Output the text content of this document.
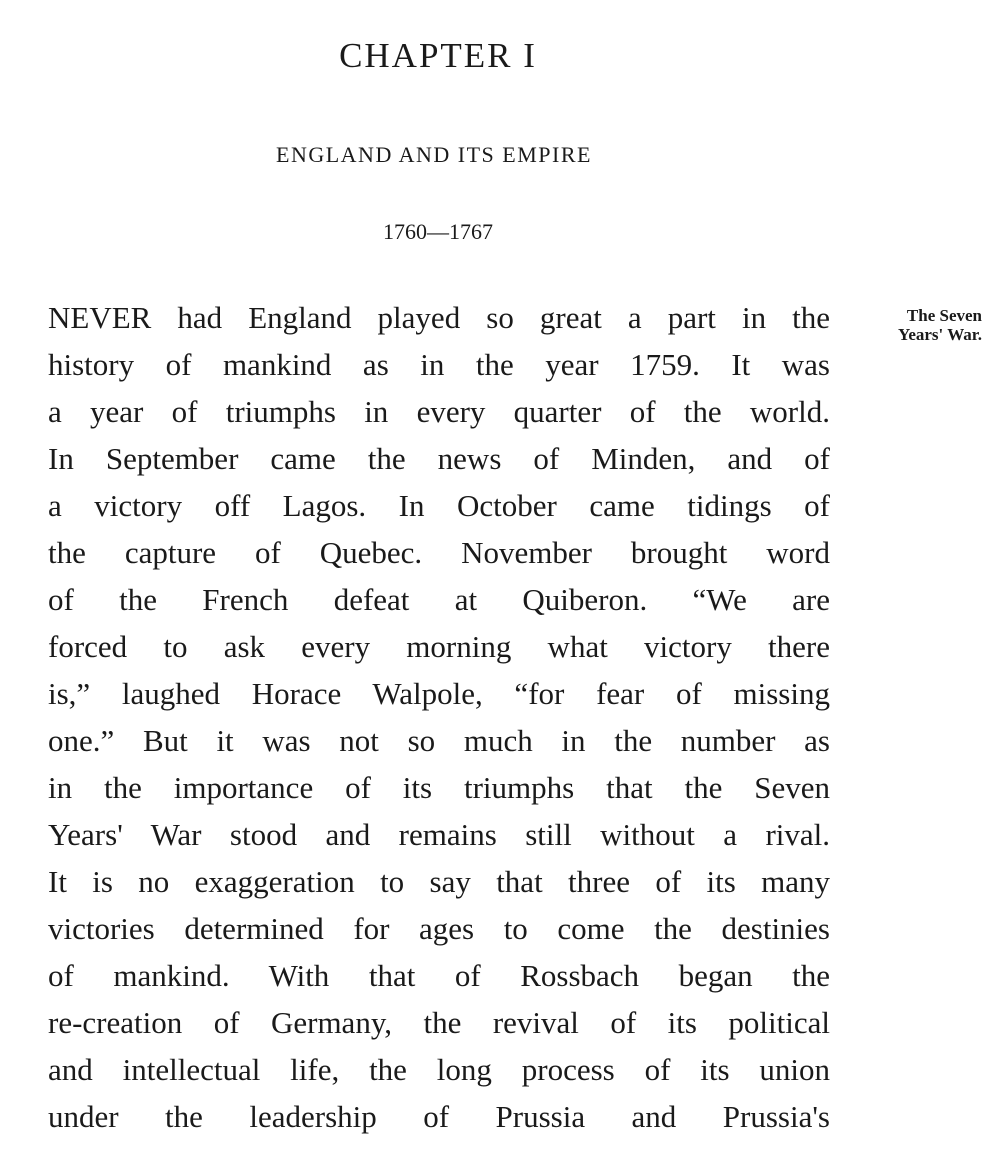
CHAPTER I
ENGLAND AND ITS EMPIRE
1760—1767
The Seven
Years' War.
NEVER had England played so great a part in the
history of mankind as in the year 1759. It was
a year of triumphs in every quarter of the world.
In September came the news of Minden, and of
a victory off Lagos. In October came tidings of
the capture of Quebec. November brought word
of the French defeat at Quiberon. “We are
forced to ask every morning what victory there
is,” laughed Horace Walpole, “for fear of missing
one.” But it was not so much in the number as
in the importance of its triumphs that the Seven
Years' War stood and remains still without a rival.
It is no exaggeration to say that three of its many
victories determined for ages to come the destinies
of mankind. With that of Rossbach began the
re-creation of Germany, the revival of its political
and intellectual life, the long process of its union
under the leadership of Prussia and Prussia's
